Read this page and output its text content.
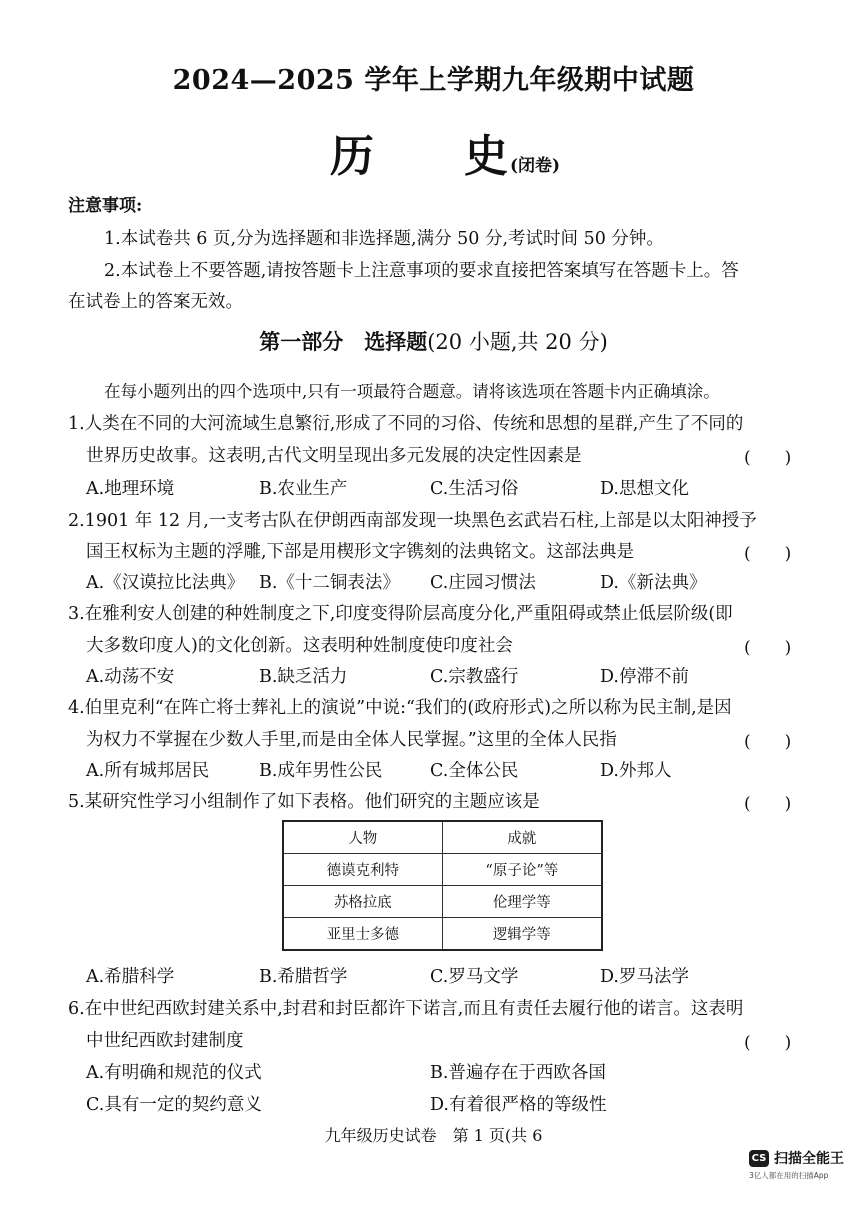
2024—2025 学年上学期九年级期中试题
历 史 (闭卷)
注意事项:
1.本试卷共 6 页,分为选择题和非选择题,满分 50 分,考试时间 50 分钟。
2.本试卷上不要答题,请按答题卡上注意事项的要求直接把答案填写在答题卡上。答
在试卷上的答案无效。
第一部分　选择题(20 小题,共 20 分)
在每小题列出的四个选项中,只有一项最符合题意。请将该选项在答题卡内正确填涂。
1.人类在不同的大河流域生息繁衍,形成了不同的习俗、传统和思想的星群,产生了不同的
世界历史故事。这表明,古代文明呈现出多元发展的决定性因素是	(　　)
A.地理环境	B.农业生产	C.生活习俗	D.思想文化
2.1901 年 12 月,一支考古队在伊朗西南部发现一块黑色玄武岩石柱,上部是以太阳神授予
国王权标为主题的浮雕,下部是用楔形文字镌刻的法典铭文。这部法典是	(　　)
A.《汉谟拉比法典》 B.《十二铜表法》 C.庄园习惯法	D.《新法典》
3.在雅利安人创建的种姓制度之下,印度变得阶层高度分化,严重阻碍或禁止低层阶级(即
大多数印度人)的文化创新。这表明种姓制度使印度社会	(　　)
A.动荡不安	B.缺乏活力	C.宗教盛行	D.停滞不前
4.伯里克利“在阵亡将士葬礼上的演说”中说:“我们的(政府形式)之所以称为民主制,是因
为权力不掌握在少数人手里,而是由全体人民掌握。”这里的全体人民指	(　　)
A.所有城邦居民	B.成年男性公民	C.全体公民	D.外邦人
5.某研究性学习小组制作了如下表格。他们研究的主题应该是	(　　)
人物	成就
德谟克利特	“原子论”等
苏格拉底	伦理学等
亚里士多德	逻辑学等
A.希腊科学	B.希腊哲学	C.罗马文学	D.罗马法学
6.在中世纪西欧封建关系中,封君和封臣都许下诺言,而且有责任去履行他的诺言。这表明
中世纪西欧封建制度	(　　)
A.有明确和规范的仪式	B.普遍存在于西欧各国
C.具有一定的契约意义	D.有着很严格的等级性
九年级历史试卷　第 1 页(共 6
CS 扫描全能王
3亿人都在用的扫描App
